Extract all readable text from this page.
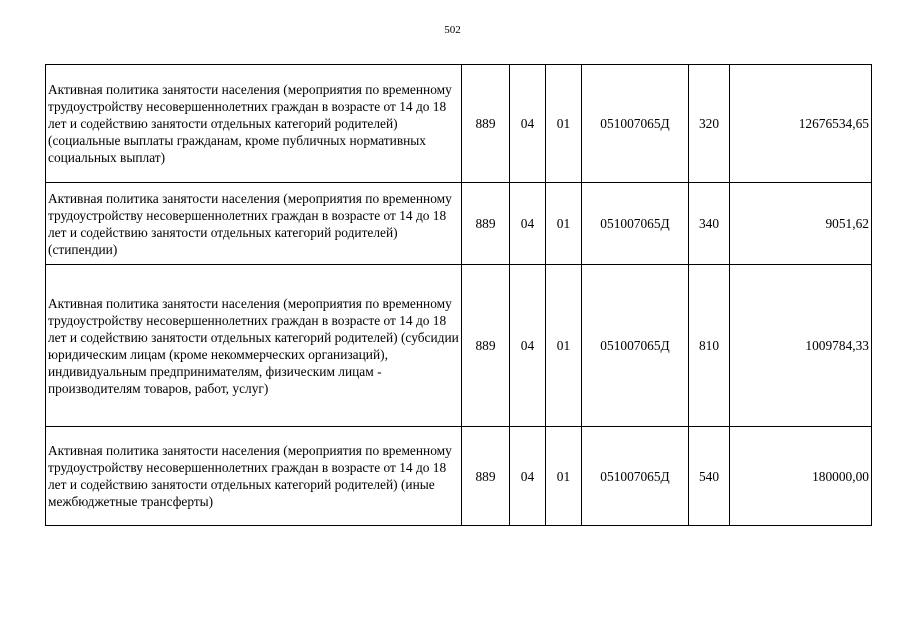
502
Активная политика занятости населения (мероприятия по временному трудоустройству несовершеннолетних граждан в возрасте от 14 до 18 лет и содействию занятости отдельных категорий родителей) (социальные выплаты гражданам, кроме публичных нормативных социальных выплат)	889	04	01	051007065Д	320	12676534,65
Активная политика занятости населения (мероприятия по временному трудоустройству несовершеннолетних граждан в возрасте от 14 до 18 лет и содействию занятости отдельных категорий родителей) (стипендии)	889	04	01	051007065Д	340	9051,62
Активная политика занятости населения (мероприятия по временному трудоустройству несовершеннолетних граждан в возрасте от 14 до 18 лет и содействию занятости отдельных категорий родителей) (субсидии юридическим лицам (кроме некоммерческих организаций), индивидуальным предпринимателям, физическим лицам - производителям товаров, работ, услуг)	889	04	01	051007065Д	810	1009784,33
Активная политика занятости населения (мероприятия по временному трудоустройству несовершеннолетних граждан в возрасте от 14 до 18 лет и содействию занятости отдельных категорий родителей) (иные межбюджетные трансферты)	889	04	01	051007065Д	540	180000,00
